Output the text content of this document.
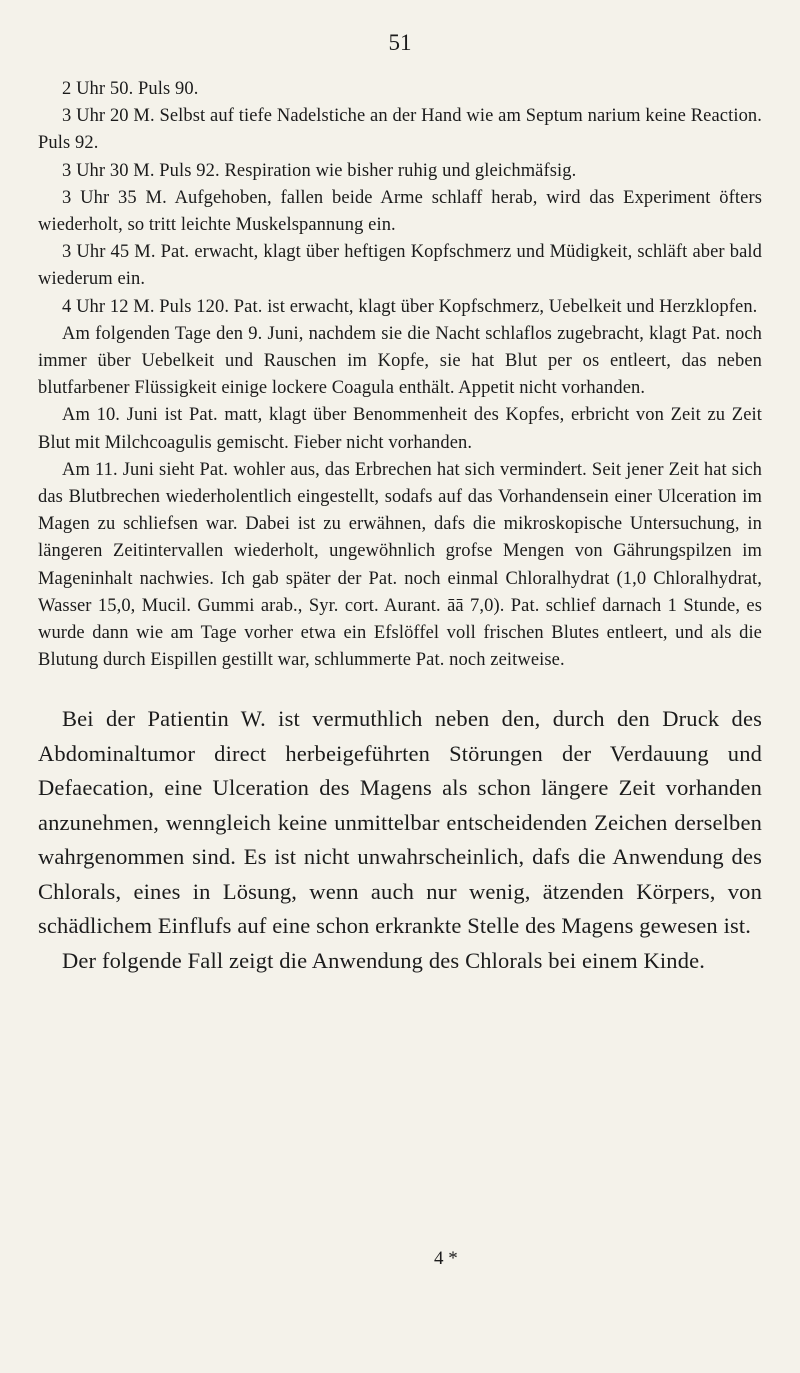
51

2 Uhr 50. Puls 90.

3 Uhr 20 M. Selbst auf tiefe Nadelstiche an der Hand wie am Septum narium keine Reaction. Puls 92.

3 Uhr 30 M. Puls 92. Respiration wie bisher ruhig und gleichmäfsig.

3 Uhr 35 M. Aufgehoben, fallen beide Arme schlaff herab, wird das Experiment öfters wiederholt, so tritt leichte Muskelspannung ein.

3 Uhr 45 M. Pat. erwacht, klagt über heftigen Kopfschmerz und Müdigkeit, schläft aber bald wiederum ein.

4 Uhr 12 M. Puls 120. Pat. ist erwacht, klagt über Kopfschmerz, Uebelkeit und Herzklopfen.

Am folgenden Tage den 9. Juni, nachdem sie die Nacht schlaflos zugebracht, klagt Pat. noch immer über Uebelkeit und Rauschen im Kopfe, sie hat Blut per os entleert, das neben blutfarbener Flüssigkeit einige lockere Coagula enthält. Appetit nicht vorhanden.

Am 10. Juni ist Pat. matt, klagt über Benommenheit des Kopfes, erbricht von Zeit zu Zeit Blut mit Milchcoagulis gemischt. Fieber nicht vorhanden.

Am 11. Juni sieht Pat. wohler aus, das Erbrechen hat sich vermindert. Seit jener Zeit hat sich das Blutbrechen wiederholentlich eingestellt, sodafs auf das Vorhandensein einer Ulceration im Magen zu schliefsen war. Dabei ist zu erwähnen, dafs die mikroskopische Untersuchung, in längeren Zeitintervallen wiederholt, ungewöhnlich grofse Mengen von Gährungspilzen im Mageninhalt nachwies. Ich gab später der Pat. noch einmal Chloralhydrat (1,0 Chloralhydrat, Wasser 15,0, Mucil. Gummi arab., Syr. cort. Aurant. āā 7,0). Pat. schlief darnach 1 Stunde, es wurde dann wie am Tage vorher etwa ein Efslöffel voll frischen Blutes entleert, und als die Blutung durch Eispillen gestillt war, schlummerte Pat. noch zeitweise.

Bei der Patientin W. ist vermuthlich neben den, durch den Druck des Abdominaltumor direct herbeigeführten Störungen der Verdauung und Defaecation, eine Ulceration des Magens als schon längere Zeit vorhanden anzunehmen, wenngleich keine unmittelbar entscheidenden Zeichen derselben wahrgenommen sind. Es ist nicht unwahrscheinlich, dafs die Anwendung des Chlorals, eines in Lösung, wenn auch nur wenig, ätzenden Körpers, von schädlichem Einflufs auf eine schon erkrankte Stelle des Magens gewesen ist.

Der folgende Fall zeigt die Anwendung des Chlorals bei einem Kinde.

4 *
